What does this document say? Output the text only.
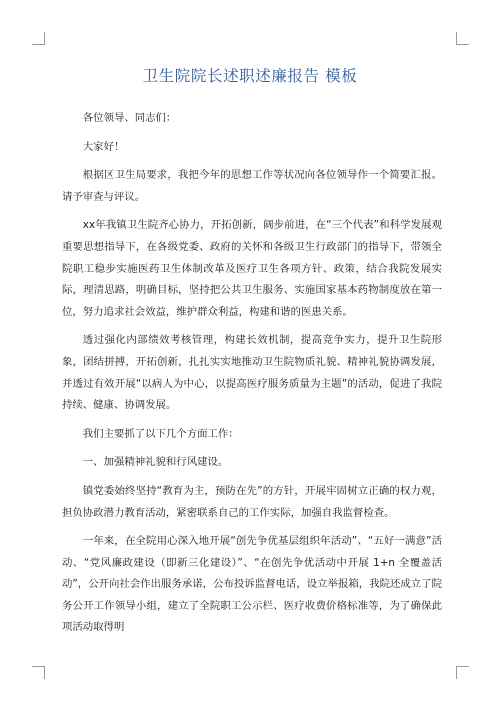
卫生院院长述职述廉报告 模板

各位领导、同志们：

大家好！

根据区卫生局要求，我把今年的思想工作等状况向各位领导作一个简要汇报。请予审查与评议。

xx年我镇卫生院齐心协力，开拓创新，阔步前进，在“三个代表”和科学发展观重要思想指导下，在各级党委、政府的关怀和各级卫生行政部门的指导下，带领全院职工稳步实施医药卫生体制改革及医疗卫生各项方针、政策，结合我院发展实际，理清思路，明确目标，坚持把公共卫生服务、实施国家基本药物制度放在第一位，努力追求社会效益，维护群众利益，构建和谐的医患关系。

透过强化内部绩效考核管理，构建长效机制，提高竞争实力，提升卫生院形象，团结拼搏，开拓创新，扎扎实实地推动卫生院物质礼貌、精神礼貌协调发展，并透过有效开展“以病人为中心，以提高医疗服务质量为主题”的活动，促进了我院持续、健康、协调发展。

我们主要抓了以下几个方面工作：

一、加强精神礼貌和行风建设。

镇党委始终坚持“教育为主，预防在先”的方针，开展牢固树立正确的权力观，担负协政潜力教育活动，紧密联系自己的工作实际，加强自我监督检查。

一年来，在全院用心深入地开展“创先争优基层组织年活动”、“五好一满意”活动、“党风廉政建设（即新三化建设）”、“在创先争优活动中开展 1+n 全覆盖活动”，公开向社会作出服务承诺，公布投诉监督电话，设立举报箱，我院还成立了院务公开工作领导小组，建立了全院职工公示栏、医疗收费价格标准等，为了确保此项活动取得明
